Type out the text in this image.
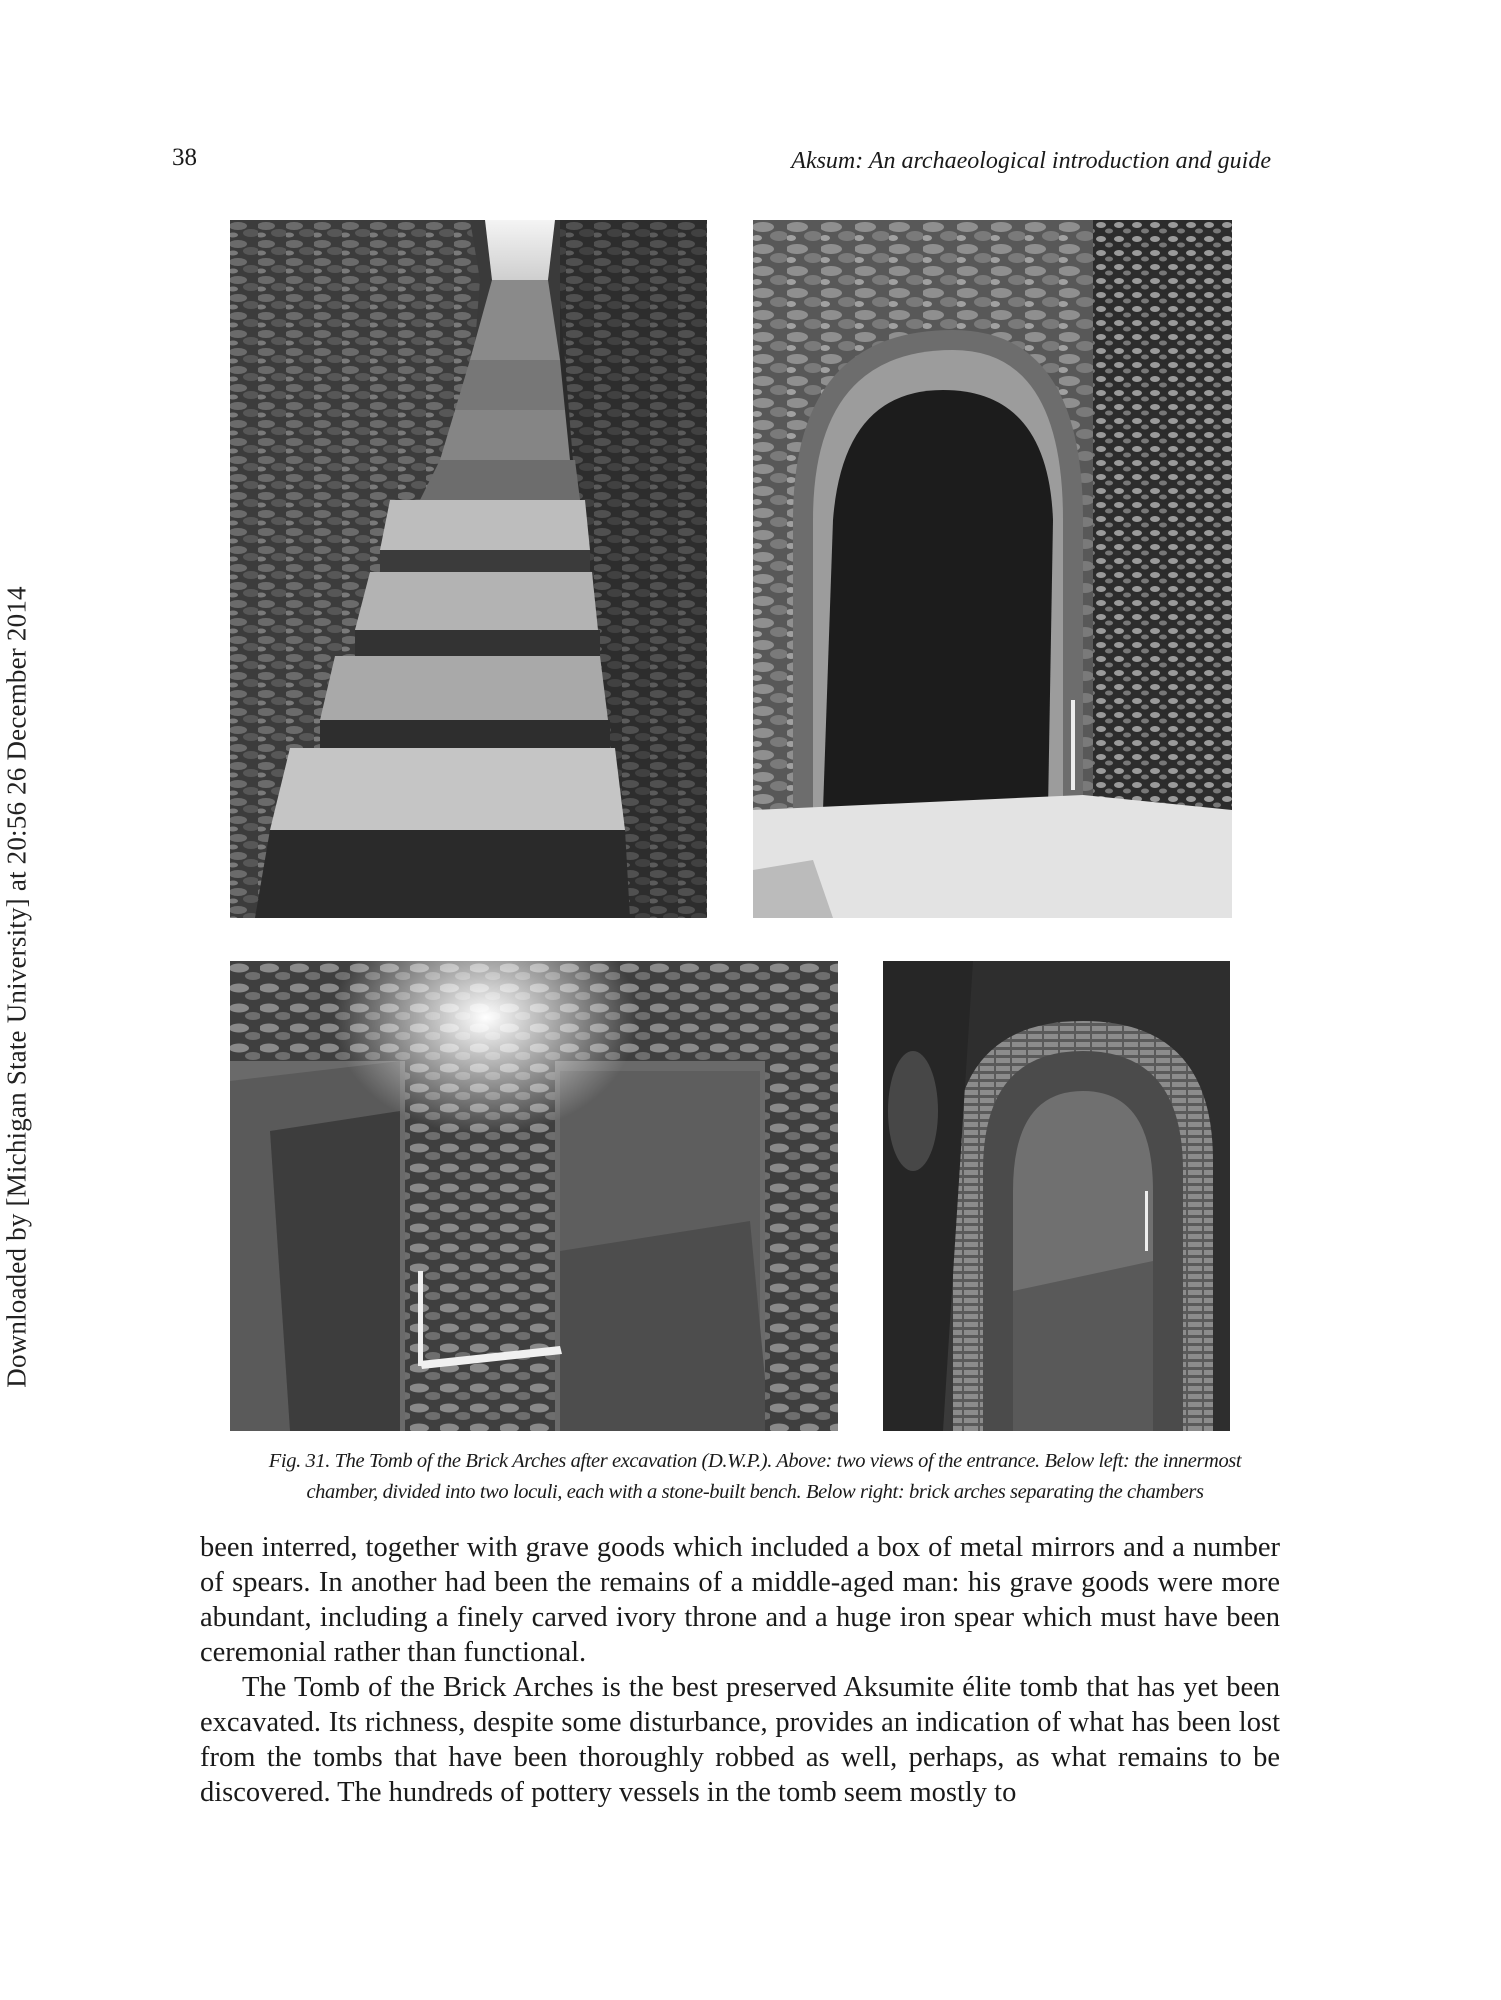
Downloaded by [Michigan State University] at 20:56 26 December 2014
38	Aksum: An archaeological introduction and guide
Fig. 31. The Tomb of the Brick Arches after excavation (D.W.P.). Above: two views of the entrance. Below left: the innermost
chamber, divided into two loculi, each with a stone-built bench. Below right: brick arches separating the chambers

been interred, together with grave goods which included a box of metal mirrors and a number of spears. In another had been the remains of a middle-aged man: his grave goods were more abundant, including a finely carved ivory throne and a huge iron spear which must have been ceremonial rather than functional.

The Tomb of the Brick Arches is the best preserved Aksumite élite tomb that has yet been excavated. Its richness, despite some disturbance, provides an indication of what has been lost from the tombs that have been thoroughly robbed as well, perhaps, as what remains to be discovered. The hundreds of pottery vessels in the tomb seem mostly to
